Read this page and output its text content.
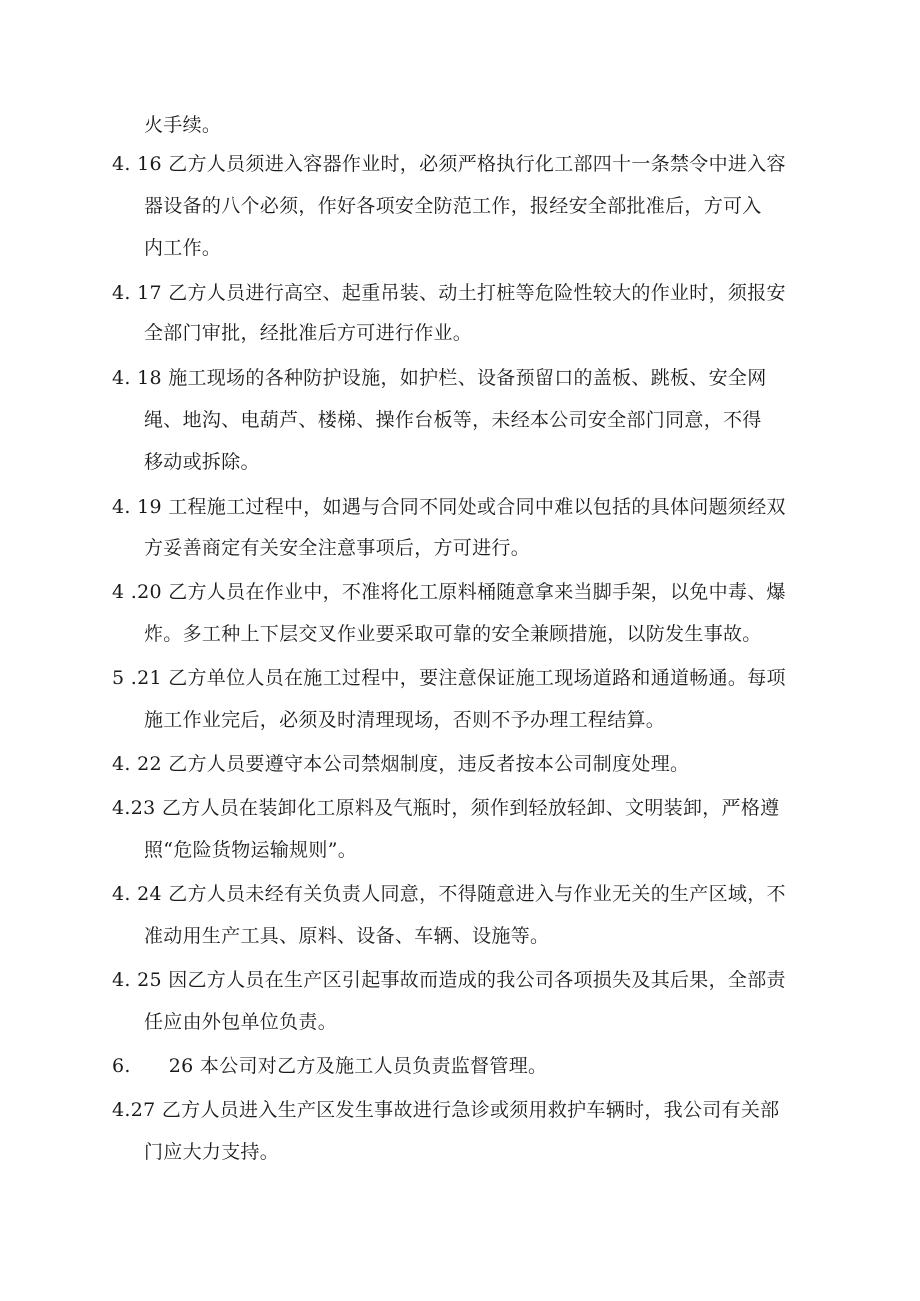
火手续。
4. 16 乙方人员须进入容器作业时，必须严格执行化工部四十一条禁令中进入容
器设备的八个必须，作好各项安全防范工作，报经安全部批准后，方可入
内工作。
4. 17 乙方人员进行高空、起重吊装、动土打桩等危险性较大的作业时，须报安
全部门审批，经批准后方可进行作业。
4. 18 施工现场的各种防护设施，如护栏、设备预留口的盖板、跳板、安全网
绳、地沟、电葫芦、楼梯、操作台板等，未经本公司安全部门同意，不得
移动或拆除。
4. 19 工程施工过程中，如遇与合同不同处或合同中难以包括的具体问题须经双
方妥善商定有关安全注意事项后，方可进行。
4 .20 乙方人员在作业中，不准将化工原料桶随意拿来当脚手架，以免中毒、爆
炸。多工种上下层交叉作业要采取可靠的安全兼顾措施，以防发生事故。
5 .21 乙方单位人员在施工过程中，要注意保证施工现场道路和通道畅通。每项
施工作业完后，必须及时清理现场，否则不予办理工程结算。
4. 22 乙方人员要遵守本公司禁烟制度，违反者按本公司制度处理。
4.23 乙方人员在装卸化工原料及气瓶时，须作到轻放轻卸、文明装卸，严格遵
照“危险货物运输规则”。
4. 24 乙方人员未经有关负责人同意，不得随意进入与作业无关的生产区域，不
准动用生产工具、原料、设备、车辆、设施等。
4. 25 因乙方人员在生产区引起事故而造成的我公司各项损失及其后果，全部责
任应由外包单位负责。
6.      26 本公司对乙方及施工人员负责监督管理。
4.27 乙方人员进入生产区发生事故进行急诊或须用救护车辆时，我公司有关部
门应大力支持。
